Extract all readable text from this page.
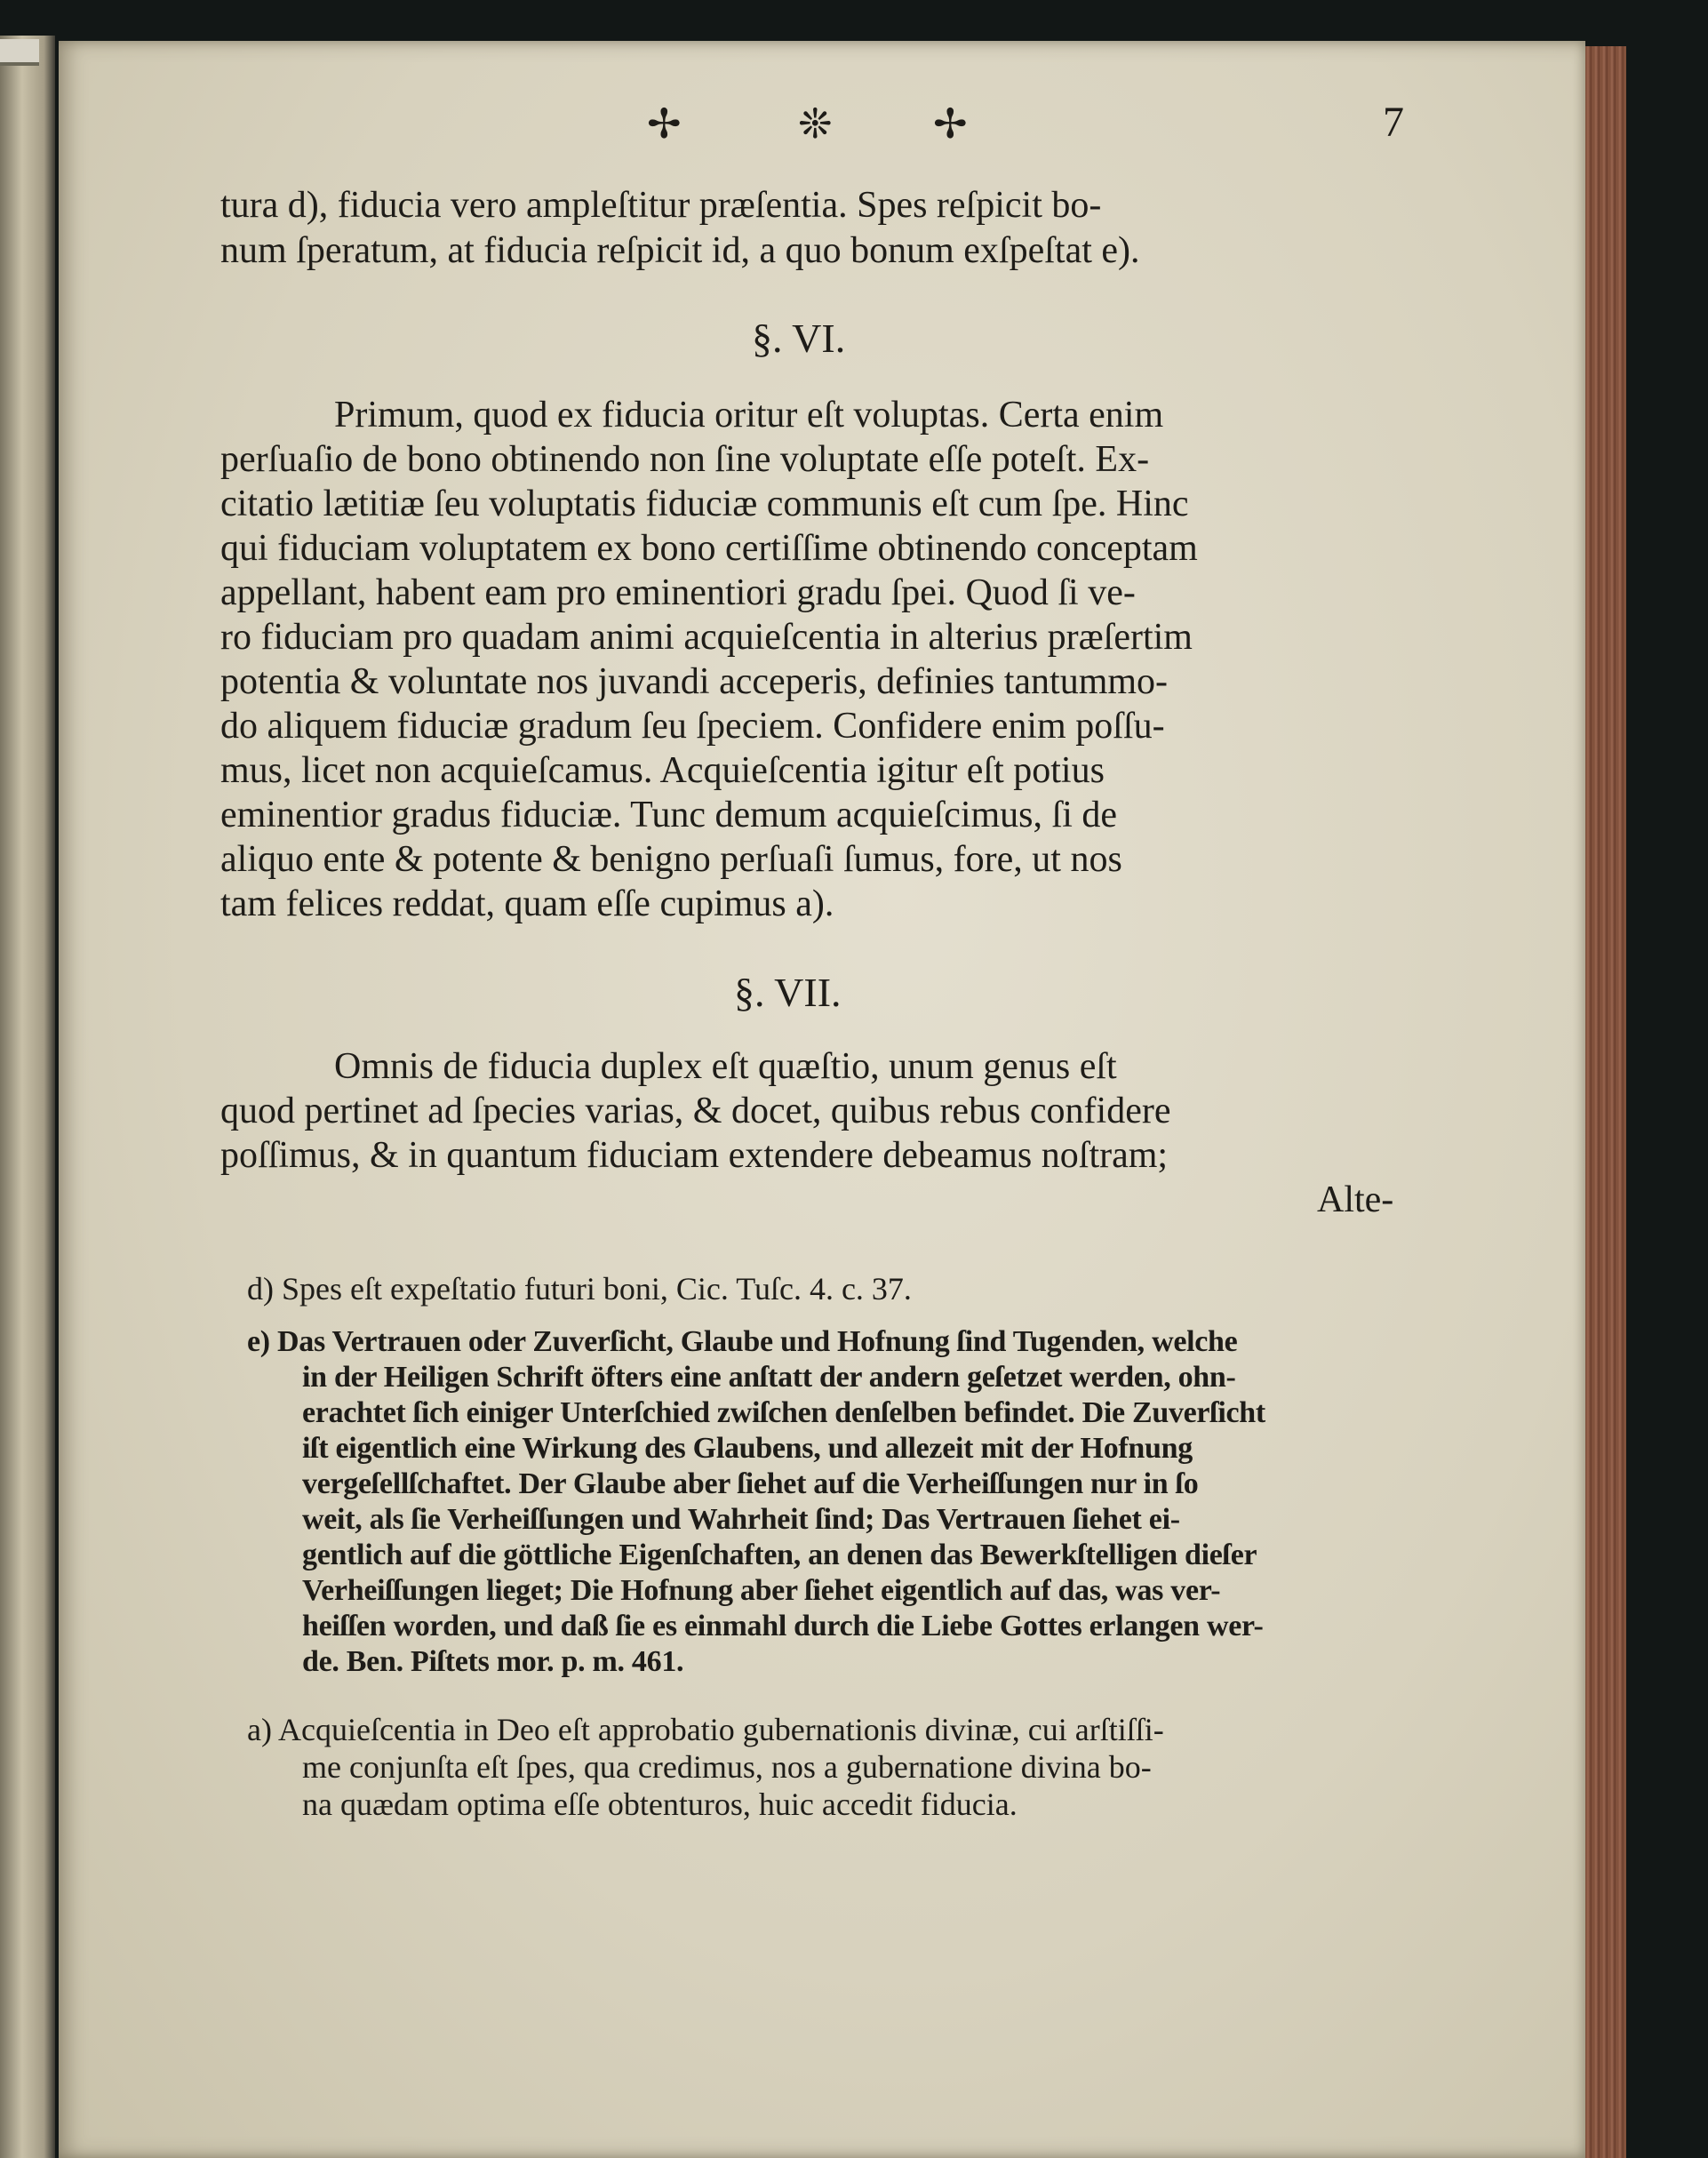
✢	❊ ✢	7
tura d), fiducia vero ampleſtitur præſentia. Spes reſpicit bo-
num ſperatum, at fiducia reſpicit id, a quo bonum exſpeſtat e).
§. VI.
Primum, quod ex fiducia oritur eſt voluptas. Certa enim
perſuaſio de bono obtinendo non ſine voluptate eſſe poteſt. Ex-
citatio lætitiæ ſeu voluptatis fiduciæ communis eſt cum ſpe. Hinc
qui fiduciam voluptatem ex bono certiſſime obtinendo conceptam
appellant, habent eam pro eminentiori gradu ſpei. Quod ſi ve-
ro fiduciam pro quadam animi acquieſcentia in alterius præſertim
potentia & voluntate nos juvandi acceperis, definies tantummo-
do aliquem fiduciæ gradum ſeu ſpeciem. Confidere enim poſſu-
mus, licet non acquieſcamus. Acquieſcentia igitur eſt potius
eminentior gradus fiduciæ. Tunc demum acquieſcimus, ſi de
aliquo ente & potente & benigno perſuaſi ſumus, fore, ut nos
tam felices reddat, quam eſſe cupimus a).
§. VII.
Omnis de fiducia duplex eſt quæſtio, unum genus eſt
quod pertinet ad ſpecies varias, & docet, quibus rebus confidere
poſſimus, & in quantum fiduciam extendere debeamus noſtram;
Alte-
d) Spes eſt expeſtatio futuri boni, Cic. Tuſc. 4. c. 37.
e) Das Vertrauen oder Zuverſicht, Glaube und Hofnung ſind Tugenden, welche
in der Heiligen Schrift öfters eine anſtatt der andern geſetzet werden, ohn-
erachtet ſich einiger Unterſchied zwiſchen denſelben befindet. Die Zuverſicht
iſt eigentlich eine Wirkung des Glaubens, und allezeit mit der Hofnung
vergeſellſchaftet. Der Glaube aber ſiehet auf die Verheiſſungen nur in ſo
weit, als ſie Verheiſſungen und Wahrheit ſind; Das Vertrauen ſiehet ei-
gentlich auf die göttliche Eigenſchaften, an denen das Bewerkſtelligen dieſer
Verheiſſungen lieget; Die Hofnung aber ſiehet eigentlich auf das, was ver-
heiſſen worden, und daß ſie es einmahl durch die Liebe Gottes erlangen wer-
de. Ben. Piſtets mor. p. m. 461.
a) Acquieſcentia in Deo eſt approbatio gubernationis divinæ, cui arſtiſſi-
me conjunſta eſt ſpes, qua credimus, nos a gubernatione divina bo-
na quædam optima eſſe obtenturos, huic accedit fiducia.
